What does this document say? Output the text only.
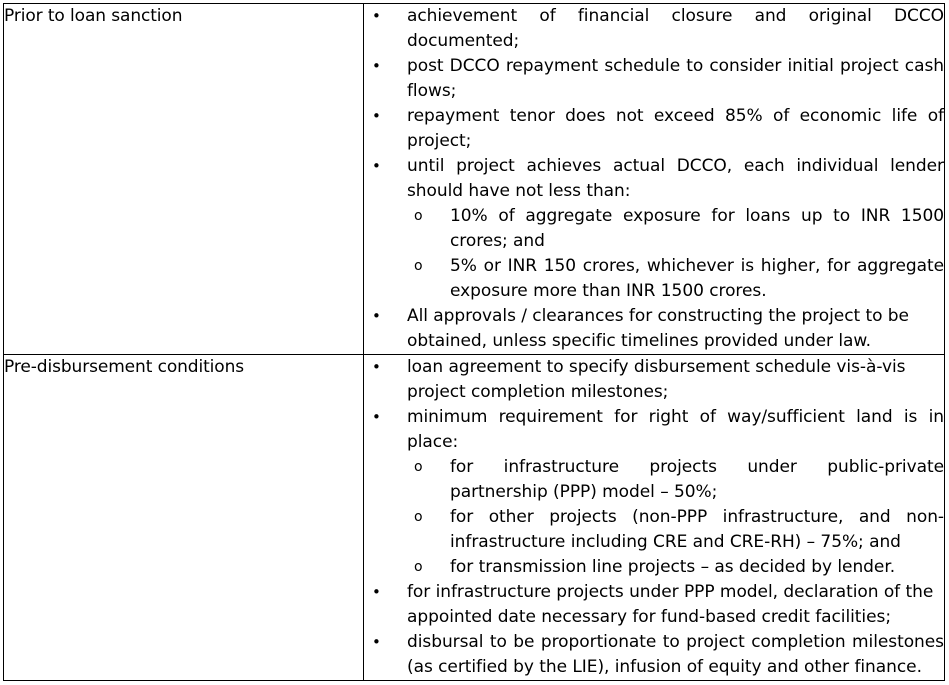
Prior to loan sanction	•	achievement of financial closure and original DCCO documented;
•	post DCCO repayment schedule to consider initial project cash flows;
•	repayment tenor does not exceed 85% of economic life of project;
•	until project achieves actual DCCO, each individual lender should have not less than:
o	10% of aggregate exposure for loans up to INR 1500 crores; and
o	5% or INR 150 crores, whichever is higher, for aggregate exposure more than INR 1500 crores.
•	All approvals / clearances for constructing the project to be obtained, unless specific timelines provided under law.

Pre-disbursement conditions	•	loan agreement to specify disbursement schedule vis-à-vis project completion milestones;
•	minimum requirement for right of way/sufficient land is in place:
o	for infrastructure projects under public-private partnership (PPP) model – 50%;
o	for other projects (non-PPP infrastructure, and non-infrastructure including CRE and CRE-RH) – 75%; and
o	for transmission line projects – as decided by lender.
•	for infrastructure projects under PPP model, declaration of the appointed date necessary for fund-based credit facilities;
•	disbursal to be proportionate to project completion milestones (as certified by the LIE), infusion of equity and other finance.
